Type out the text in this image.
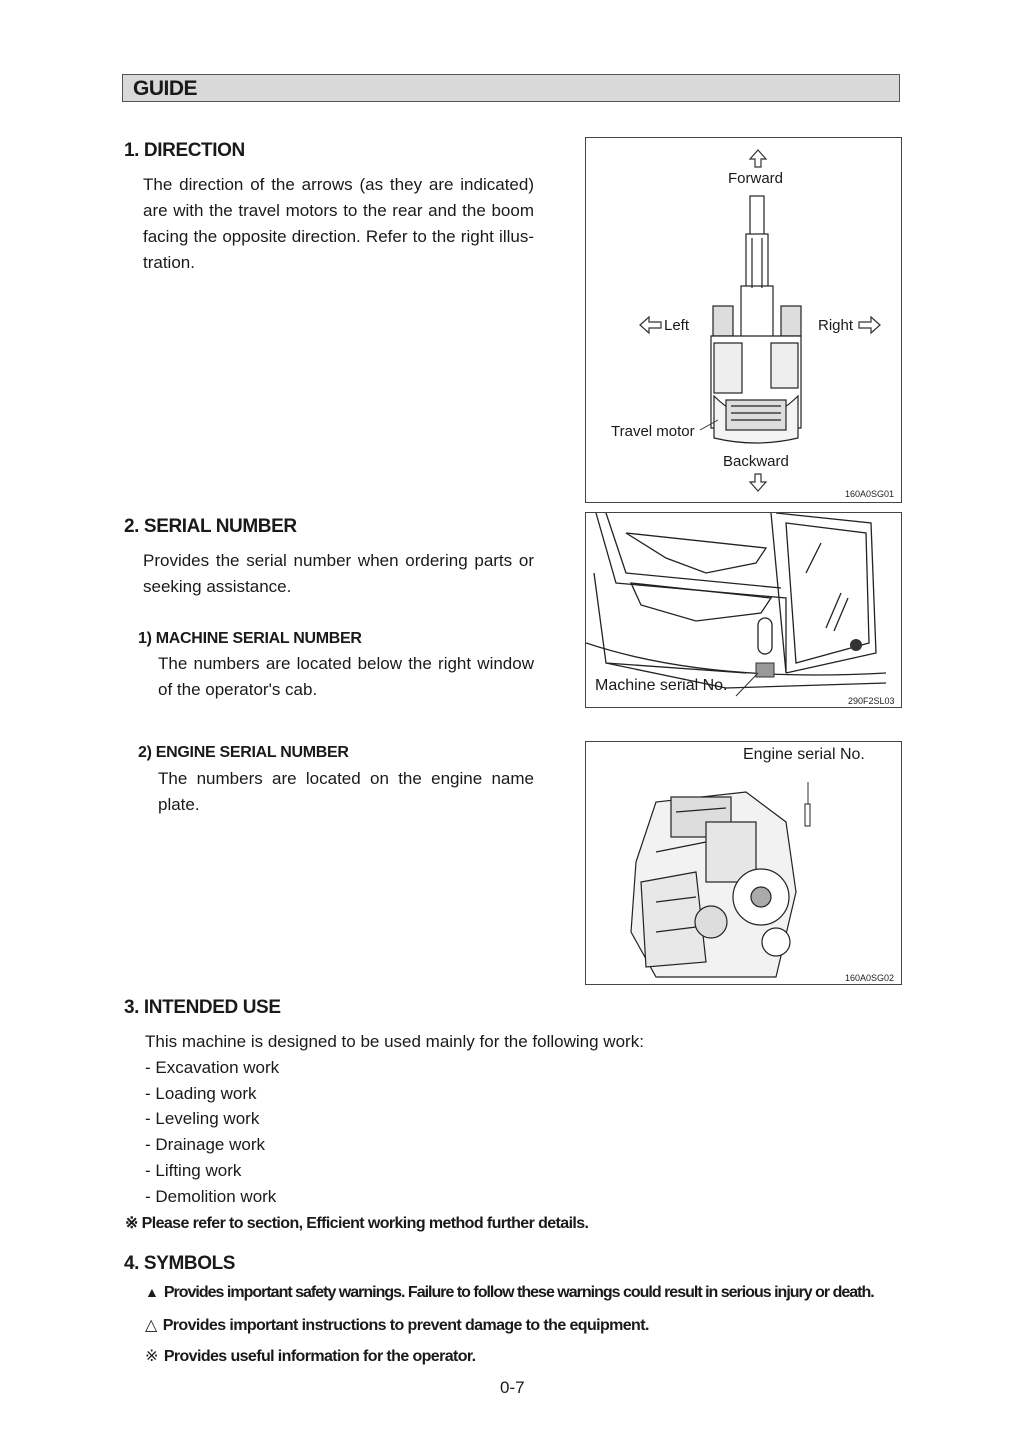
GUIDE
1. DIRECTION
The direction of the arrows (as they are indicated)
are with the travel motors to the rear and the boom
facing the opposite direction. Refer to the right illus-
tration.
Forward
Left	Right
Travel motor
Backward
160A0SG01
2. SERIAL NUMBER
Provides the serial number when ordering parts or
seeking assistance.
1) MACHINE SERIAL NUMBER
The numbers are located below the right window
of the operator's cab.	Machine serial No.
290F2SL03
2) ENGINE SERIAL NUMBER
The numbers are located on the engine name
plate.
Engine serial No.
160A0SG02
3. INTENDED USE
This machine is designed to be used mainly for the following work:
- Excavation work
- Loading work
- Leveling work
- Drainage work
- Lifting work
- Demolition work
※ Please refer to section, Efficient working method further details.
4. SYMBOLS
▲ Provides important safety warnings. Failure to follow these warnings could result in serious injury or death.
△ Provides important instructions to prevent damage to the equipment.
※ Provides useful information for the operator.
0-7
